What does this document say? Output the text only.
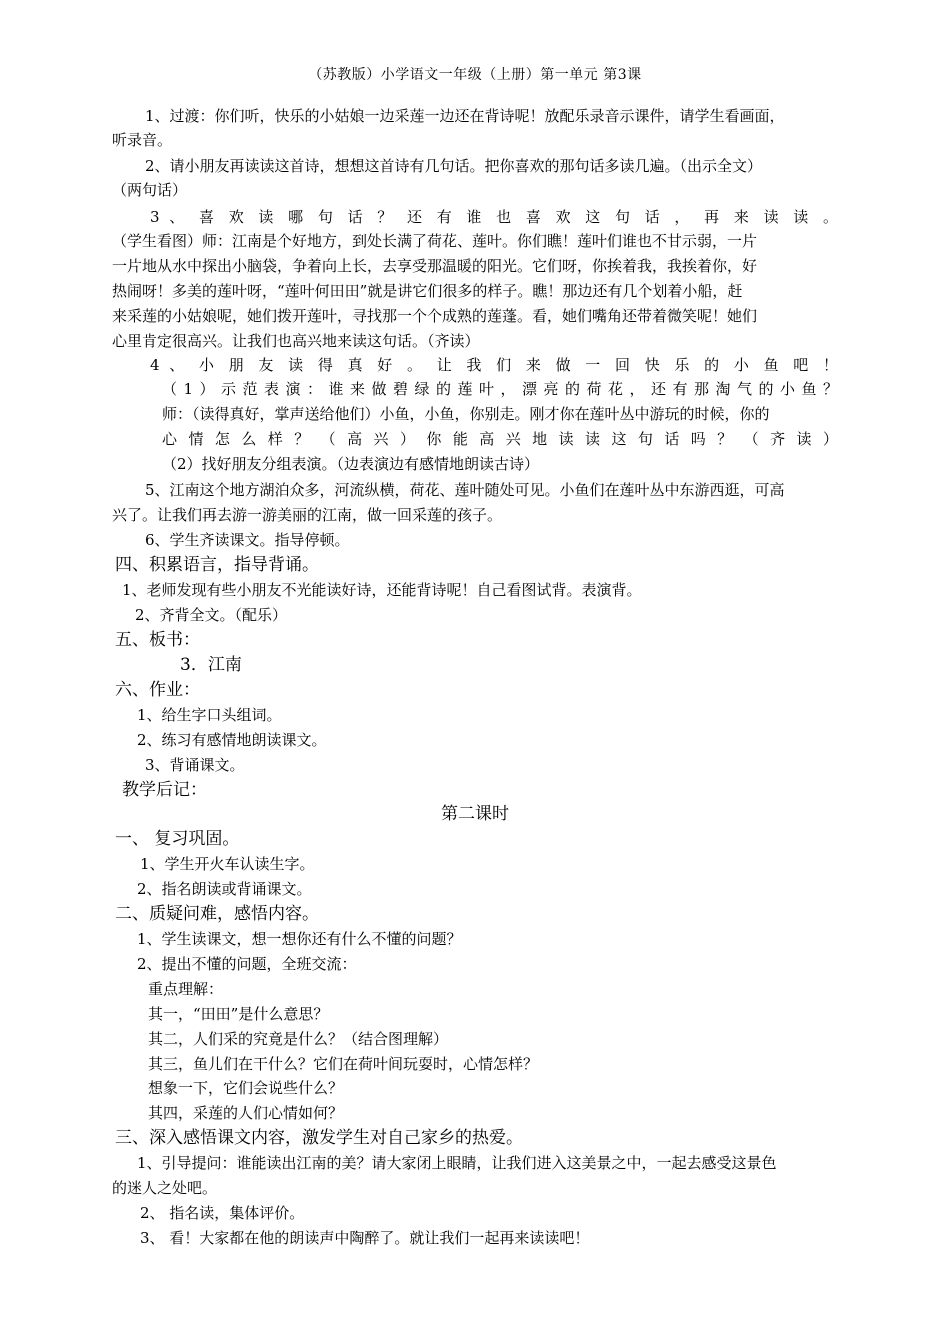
（苏教版）小学语文一年级（上册）第一单元 第3课
1、过渡：你们听，快乐的小姑娘一边采莲一边还在背诗呢！放配乐录音示课件，请学生看画面，
听录音。
2、请小朋友再读读这首诗，想想这首诗有几句话。把你喜欢的那句话多读几遍。（出示全文）
（两句话）
3 、 喜 欢 读 哪 句 话 ？ 还 有 谁 也 喜 欢 这 句 话 ， 再 来 读 读 。
（学生看图）师：江南是个好地方，到处长满了荷花、莲叶。你们瞧！莲叶们谁也不甘示弱，一片
一片地从水中探出小脑袋，争着向上长，去享受那温暖的阳光。它们呀，你挨着我，我挨着你，好
热闹呀！多美的莲叶呀，“莲叶何田田”就是讲它们很多的样子。瞧！那边还有几个划着小船，赶
来采莲的小姑娘呢，她们拨开莲叶，寻找那一个个成熟的莲蓬。看，她们嘴角还带着微笑呢！她们
心里肯定很高兴。让我们也高兴地来读这句话。（齐读）
4 、 小 朋 友 读 得 真 好 。 让 我 们 来 做 一 回 快 乐 的 小 鱼 吧 ！
（1）示范表演：谁来做碧绿的莲叶，漂亮的荷花，还有那淘气的小鱼？
师：（读得真好，掌声送给他们）小鱼，小鱼，你别走。刚才你在莲叶丛中游玩的时候，你的
心 情 怎 么 样 ？ （ 高 兴 ） 你 能 高 兴 地 读 读 这 句 话 吗 ？ （ 齐 读 ）
（2）找好朋友分组表演。（边表演边有感情地朗读古诗）
5、江南这个地方湖泊众多，河流纵横，荷花、莲叶随处可见。小鱼们在莲叶丛中东游西逛，可高
兴了。让我们再去游一游美丽的江南，做一回采莲的孩子。
6、学生齐读课文。指导停顿。
四、积累语言，指导背诵。
1、老师发现有些小朋友不光能读好诗，还能背诗呢！自己看图试背。表演背。
2、齐背全文。（配乐）
五、板书：
3．江南
六、作业：
1、给生字口头组词。
2、练习有感情地朗读课文。
3、背诵课文。
教学后记：
第二课时
一、 复习巩固。
1、学生开火车认读生字。
2、指名朗读或背诵课文。
二、质疑问难，感悟内容。
1、学生读课文，想一想你还有什么不懂的问题？
2、提出不懂的问题，全班交流：
重点理解：
其一，“田田”是什么意思？
其二，人们采的究竟是什么？（结合图理解）
其三，鱼儿们在干什么？它们在荷叶间玩耍时，心情怎样？
想象一下，它们会说些什么？
其四，采莲的人们心情如何？
三、深入感悟课文内容，激发学生对自己家乡的热爱。
1、引导提问：谁能读出江南的美？请大家闭上眼睛，让我们进入这美景之中，一起去感受这景色
的迷人之处吧。
2、 指名读，集体评价。
3、 看！大家都在他的朗读声中陶醉了。就让我们一起再来读读吧！
